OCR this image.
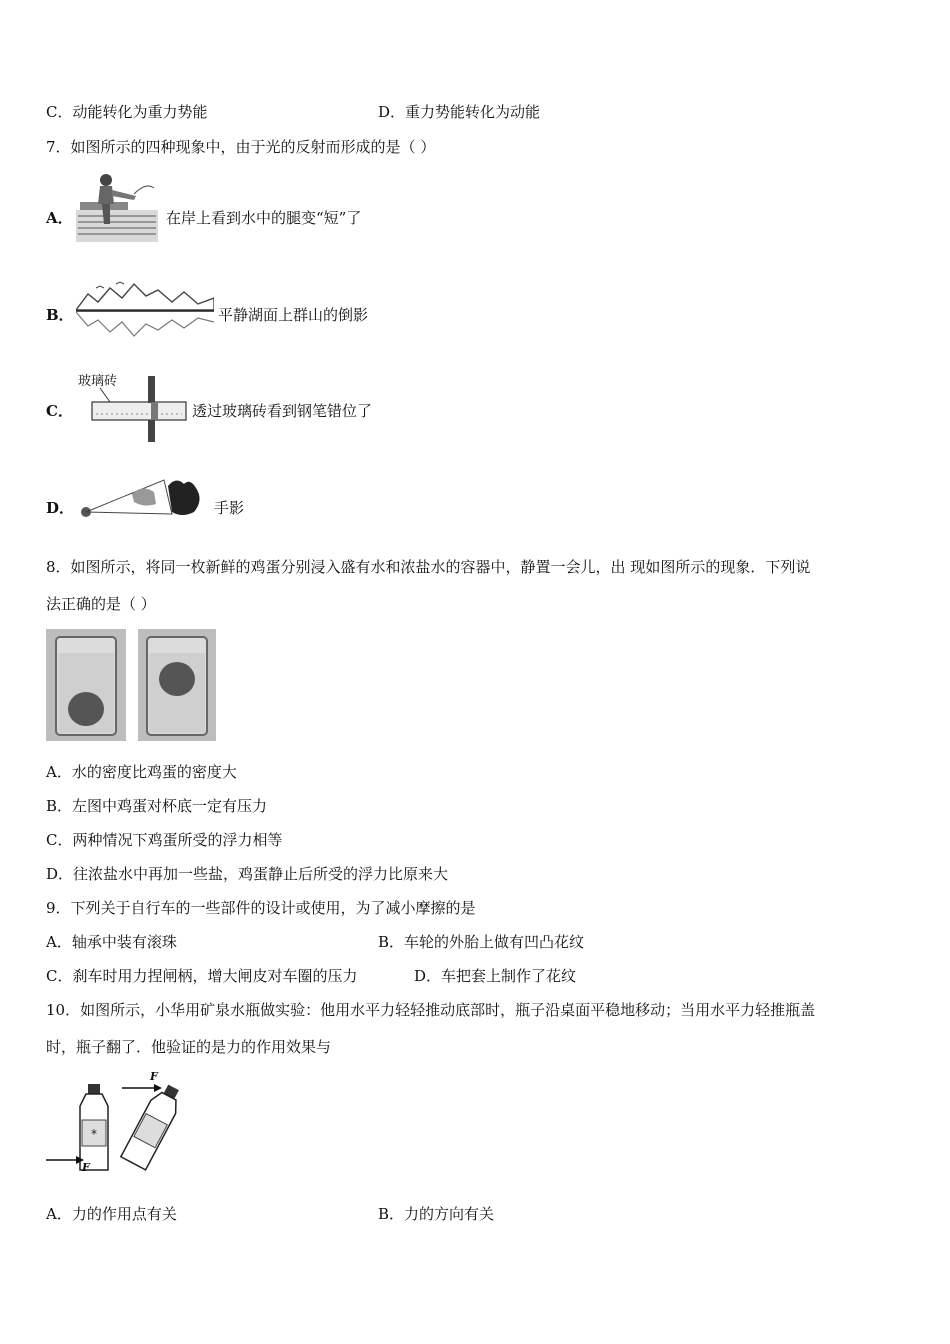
C．动能转化为重力势能	D．重力势能转化为动能
7．如图所示的四种现象中，由于光的反射而形成的是（ ）
A．	在岸上看到水中的腿变“短”了
B．	平静湖面上群山的倒影
C．
玻璃砖
透过玻璃砖看到钢笔错位了
D．	手影
8．如图所示，将同一枚新鲜的鸡蛋分别浸入盛有水和浓盐水的容器中，静置一会儿，出 现如图所示的现象．下列说
法正确的是（ ）
A．水的密度比鸡蛋的密度大
B．左图中鸡蛋对杯底一定有压力
C．两种情况下鸡蛋所受的浮力相等
D．往浓盐水中再加一些盐，鸡蛋静止后所受的浮力比原来大
9．下列关于自行车的一些部件的设计或使用，为了减小摩擦的是
A．轴承中装有滚珠	B．车轮的外胎上做有凹凸花纹
C．刹车时用力捏闸柄，增大闸皮对车圈的压力	D．车把套上制作了花纹
10．如图所示，小华用矿泉水瓶做实验：他用水平力轻轻推动底部时，瓶子沿桌面平稳地移动；当用水平力轻推瓶盖
时，瓶子翻了．他验证的是力的作用效果与
*
F
F
A．力的作用点有关	B．力的方向有关
